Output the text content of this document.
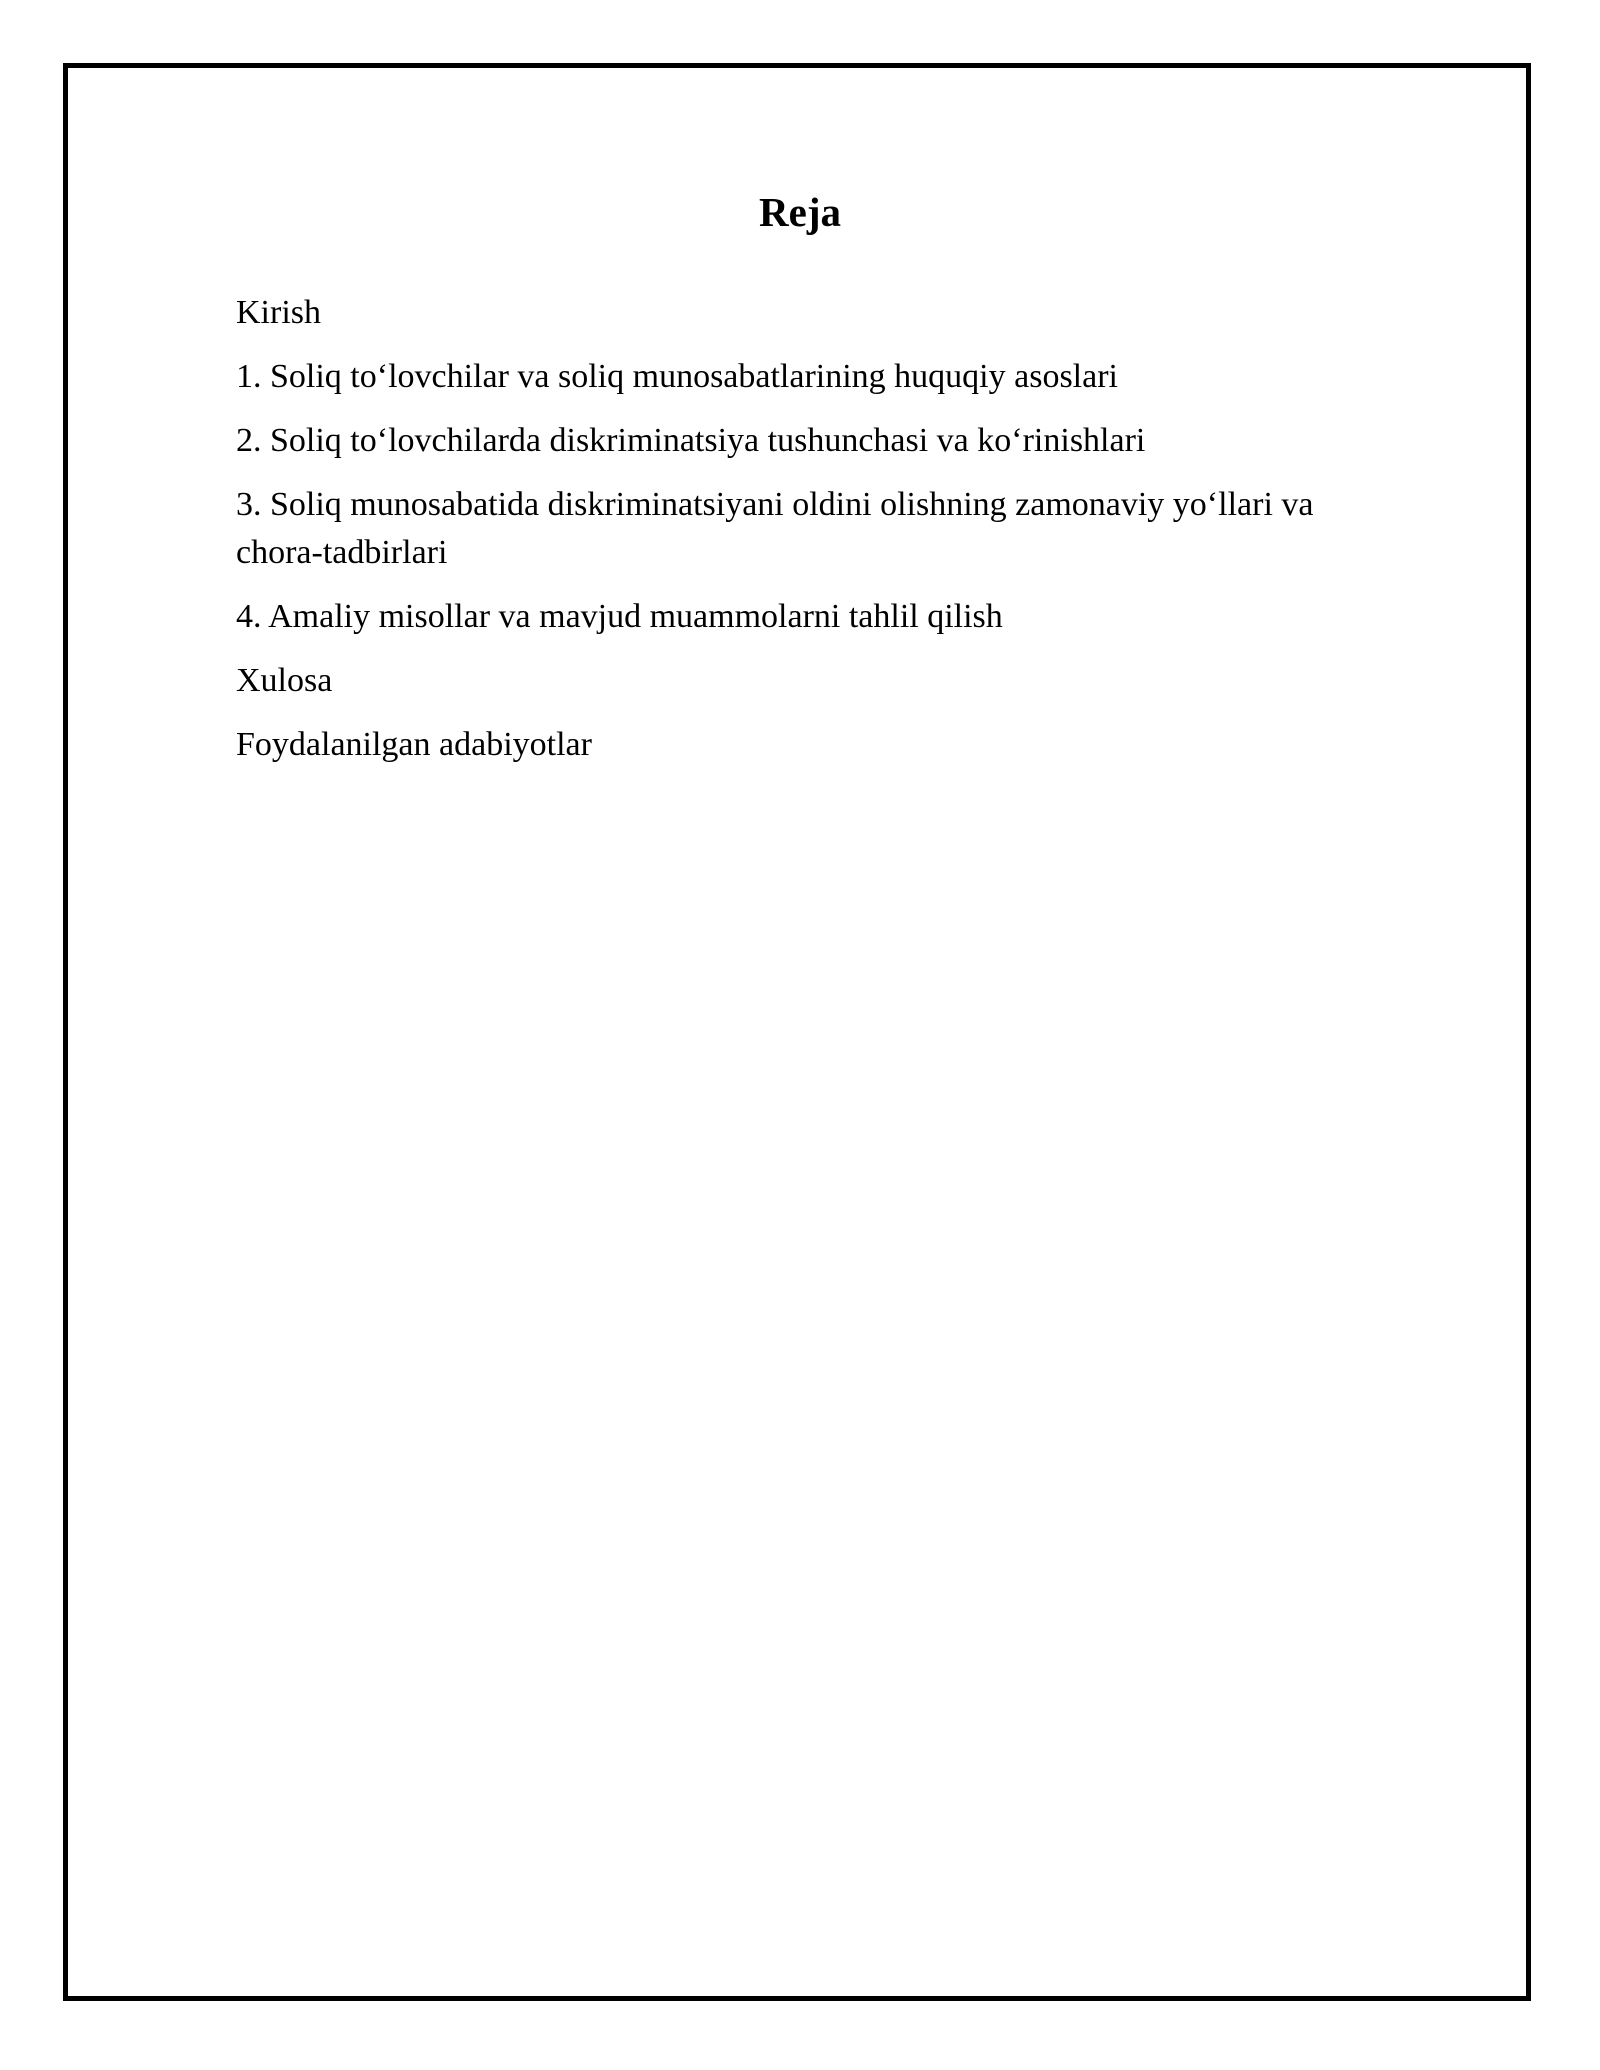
Reja
Kirish
1. Soliq to‘lovchilar va soliq munosabatlarining huquqiy asoslari
2. Soliq to‘lovchilarda diskriminatsiya tushunchasi va ko‘rinishlari
3. Soliq munosabatida diskriminatsiyani oldini olishning zamonaviy yo‘llari va chora-tadbirlari
4. Amaliy misollar va mavjud muammolarni tahlil qilish
Xulosa
Foydalanilgan adabiyotlar
